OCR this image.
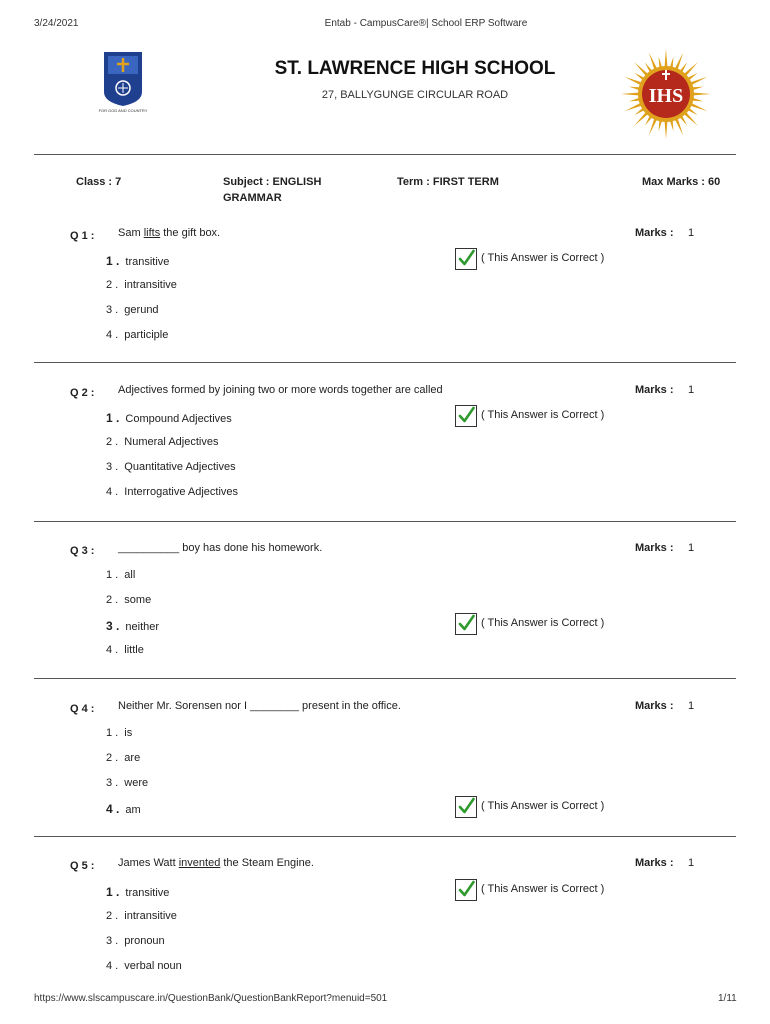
3/24/2021	Entab - CampusCare®| School ERP Software
FOR GOD AND COUNTRY
ST. LAWRENCE HIGH SCHOOL
27, BALLYGUNGE CIRCULAR ROAD	IHS
Class : 7	Subject : ENGLISH
GRAMMAR
Term : FIRST TERM	Max Marks : 60
Q 1 : Sam lifts the gift box.	Marks : 1
1 . transitive	( This Answer is Correct )
2 . intransitive
3 . gerund
4 . participle
Q 2 : Adjectives formed by joining two or more words together are called	Marks : 1
1 . Compound Adjectives	( This Answer is Correct )
2 . Numeral Adjectives
3 . Quantitative Adjectives
4 . Interrogative Adjectives
Q 3 : __________ boy has done his homework.	Marks : 1
1 . all
2 . some
3 . neither	( This Answer is Correct )
4 . little
Q 4 : Neither Mr. Sorensen nor I ________ present in the office.	Marks : 1
1 . is
2 . are
3 . were
4 . am	( This Answer is Correct )
Q 5 : James Watt invented the Steam Engine.	Marks : 1
1 . transitive	( This Answer is Correct )
2 . intransitive
3 . pronoun
4 . verbal noun
https://www.slscampuscare.in/QuestionBank/QuestionBankReport?menuid=501	1/11
